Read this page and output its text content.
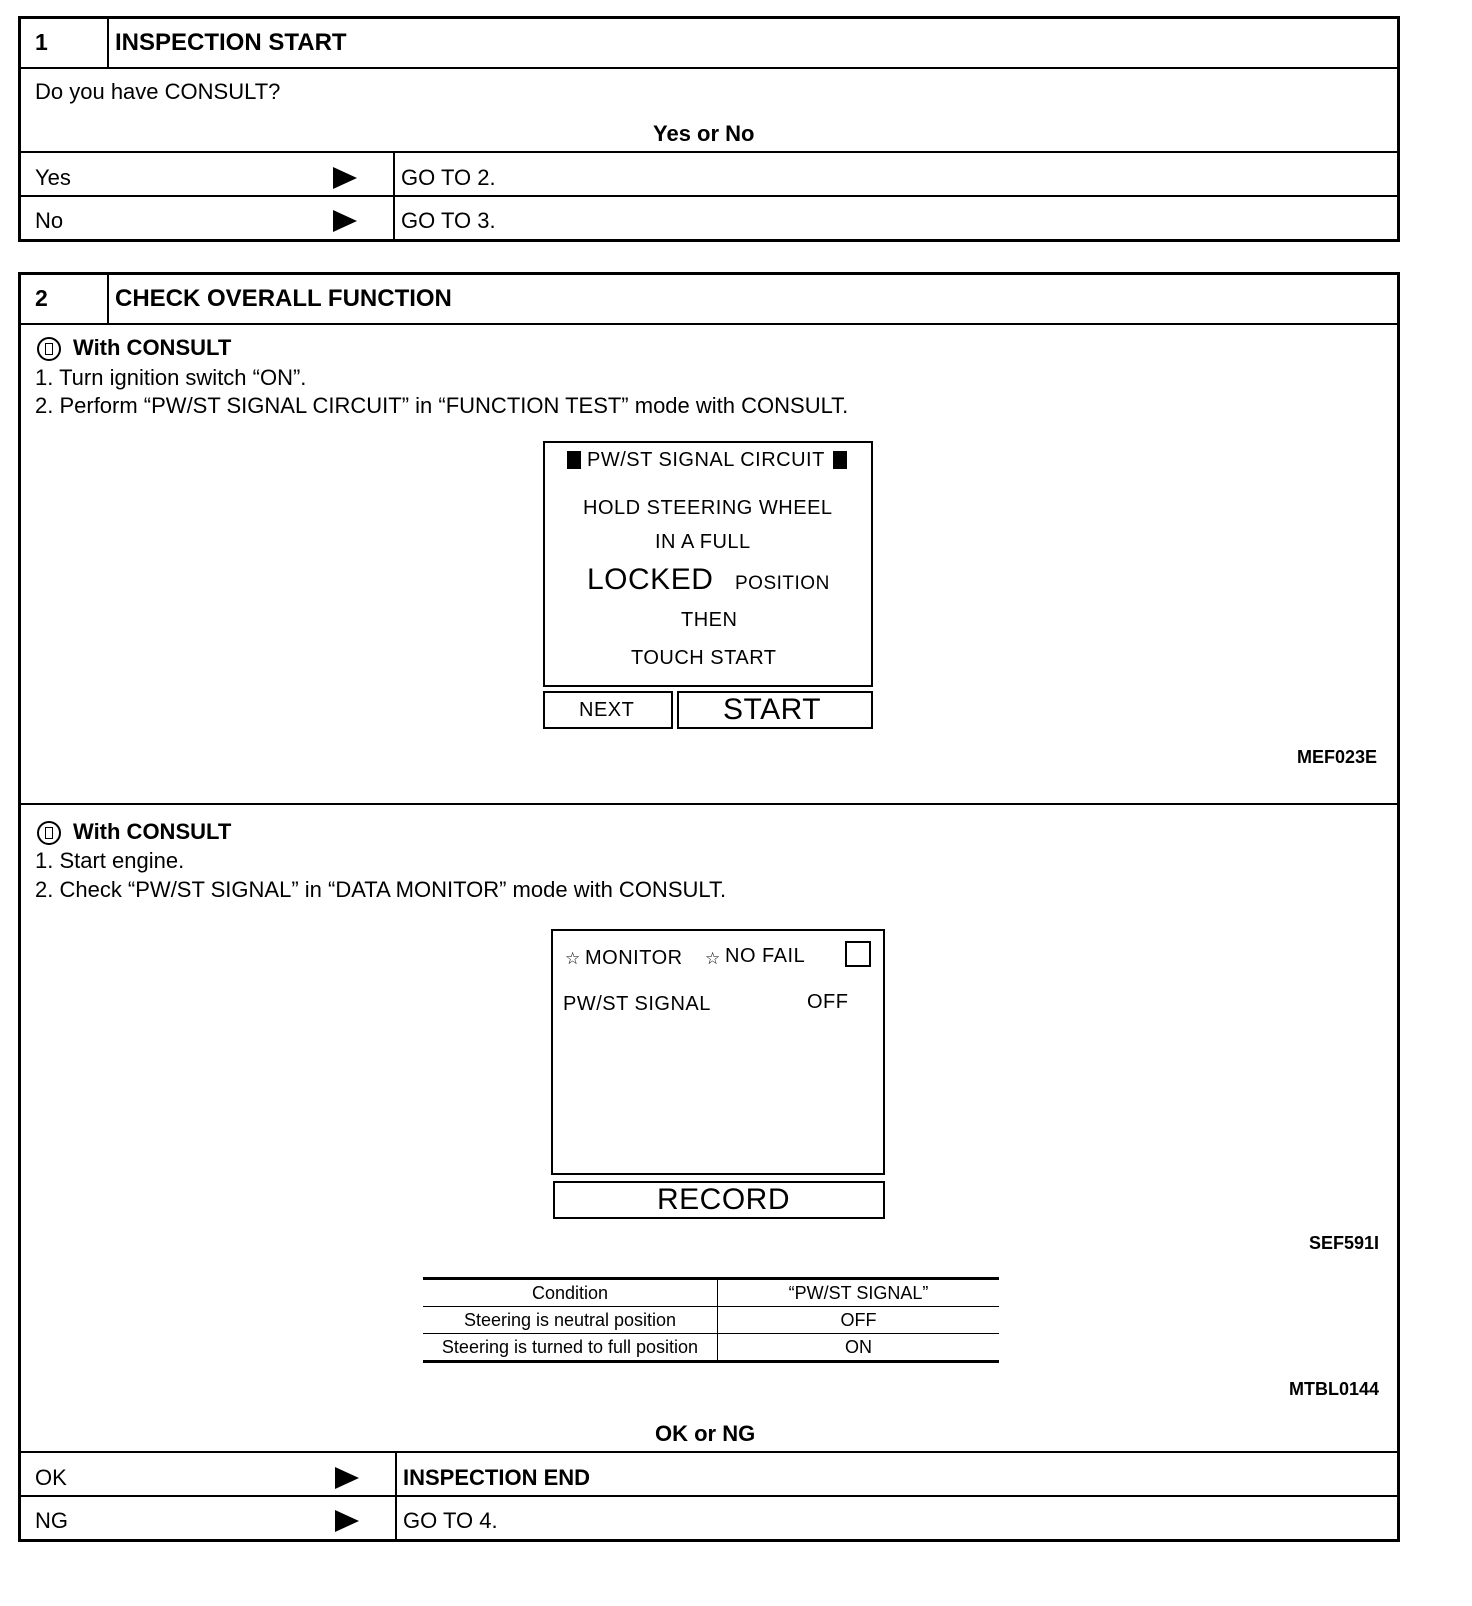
1	INSPECTION START
Do you have CONSULT?
Yes or No
Yes	GO TO 2.
No	GO TO 3.
2	CHECK OVERALL FUNCTION
With CONSULT
1. Turn ignition switch “ON”.
2. Perform “PW/ST SIGNAL CIRCUIT” in “FUNCTION TEST” mode with CONSULT.
PW/ST SIGNAL CIRCUIT
HOLD STEERING WHEEL
IN A FULL
LOCKED POSITION
THEN
TOUCH START
NEXT	START
MEF023E
With CONSULT
1. Start engine.
2. Check “PW/ST SIGNAL” in “DATA MONITOR” mode with CONSULT.
☆ MONITOR ☆ NO FAIL
PW/ST SIGNAL	OFF
RECORD
SEF591I
Condition	“PW/ST SIGNAL”
Steering is neutral position	OFF
Steering is turned to full position	ON
MTBL0144
OK or NG
OK	INSPECTION END
NG	GO TO 4.
